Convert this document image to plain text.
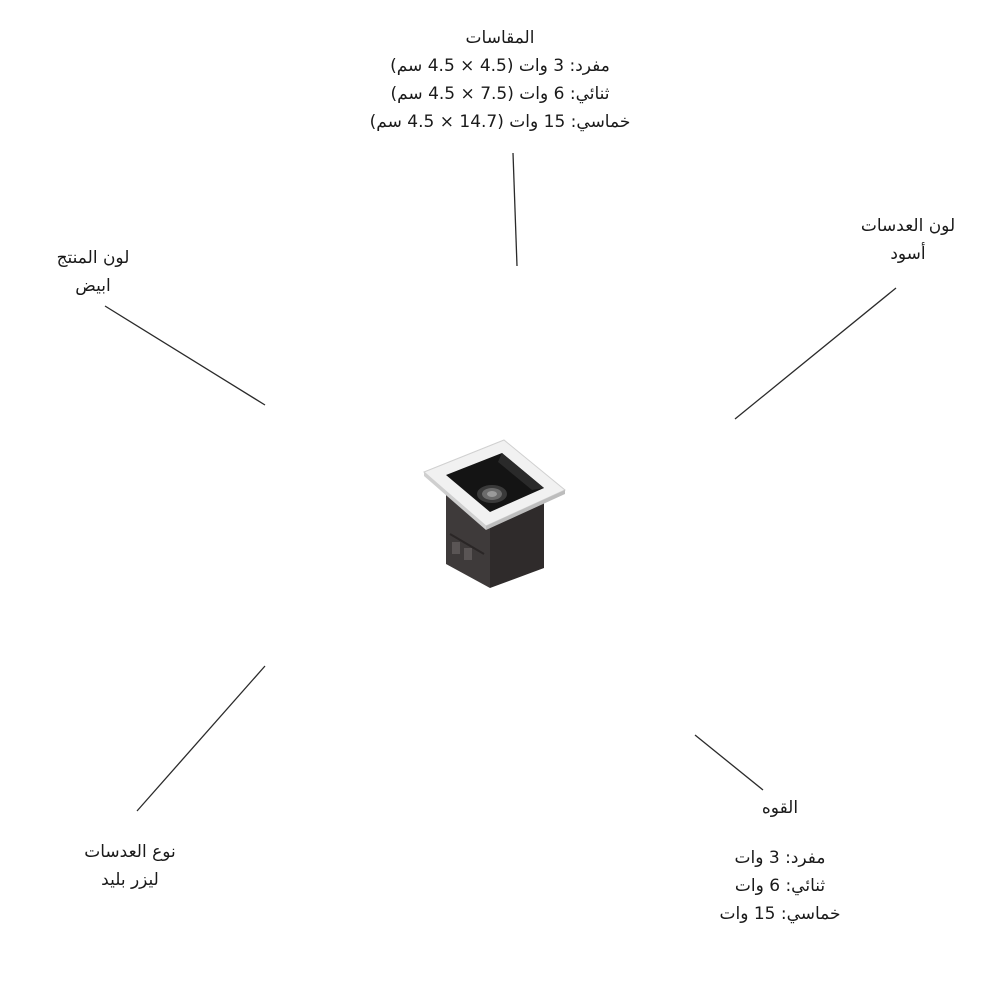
المقاسات
مفرد: 3 وات (4.5 × 4.5 سم)
ثنائي: 6 وات (7.5 × 4.5 سم)
خماسي: 15 وات (14.7 × 4.5 سم)
لون المنتج
ابيض
لون العدسات
أسود
نوع العدسات
ليزر بليد
القوه
مفرد: 3 وات
ثنائي: 6 وات
خماسي: 15 وات
